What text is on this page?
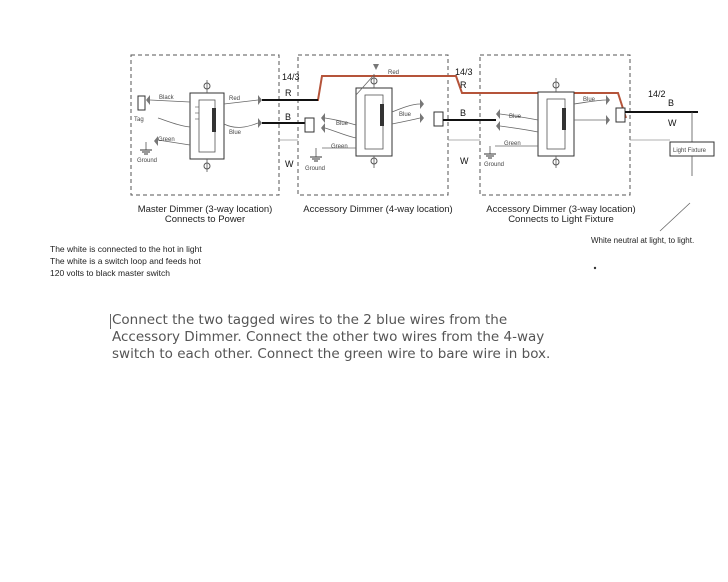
Black
Tag
Green
Ground
Red
Blue
14/3
R
B
W
Blue
Green
Ground
Red
Blue
14/3
R
B
W
Blue
Green
Ground
Blue
14/2
B
W
Light Fixture
Master Dimmer (3-way location)
Connects to Power
Accessory Dimmer (4-way location)	Accessory Dimmer (3-way location)
Connects to Light Fixture
White neutral at light, to light.

The white is connected to the hot in light

The white is a switch loop and feeds hot

120 volts to black master switch

Connect the two tagged wires to the 2 blue wires from the

Accessory Dimmer. Connect the other two wires from the 4-way

switch to each other. Connect the green wire to bare wire in box.
